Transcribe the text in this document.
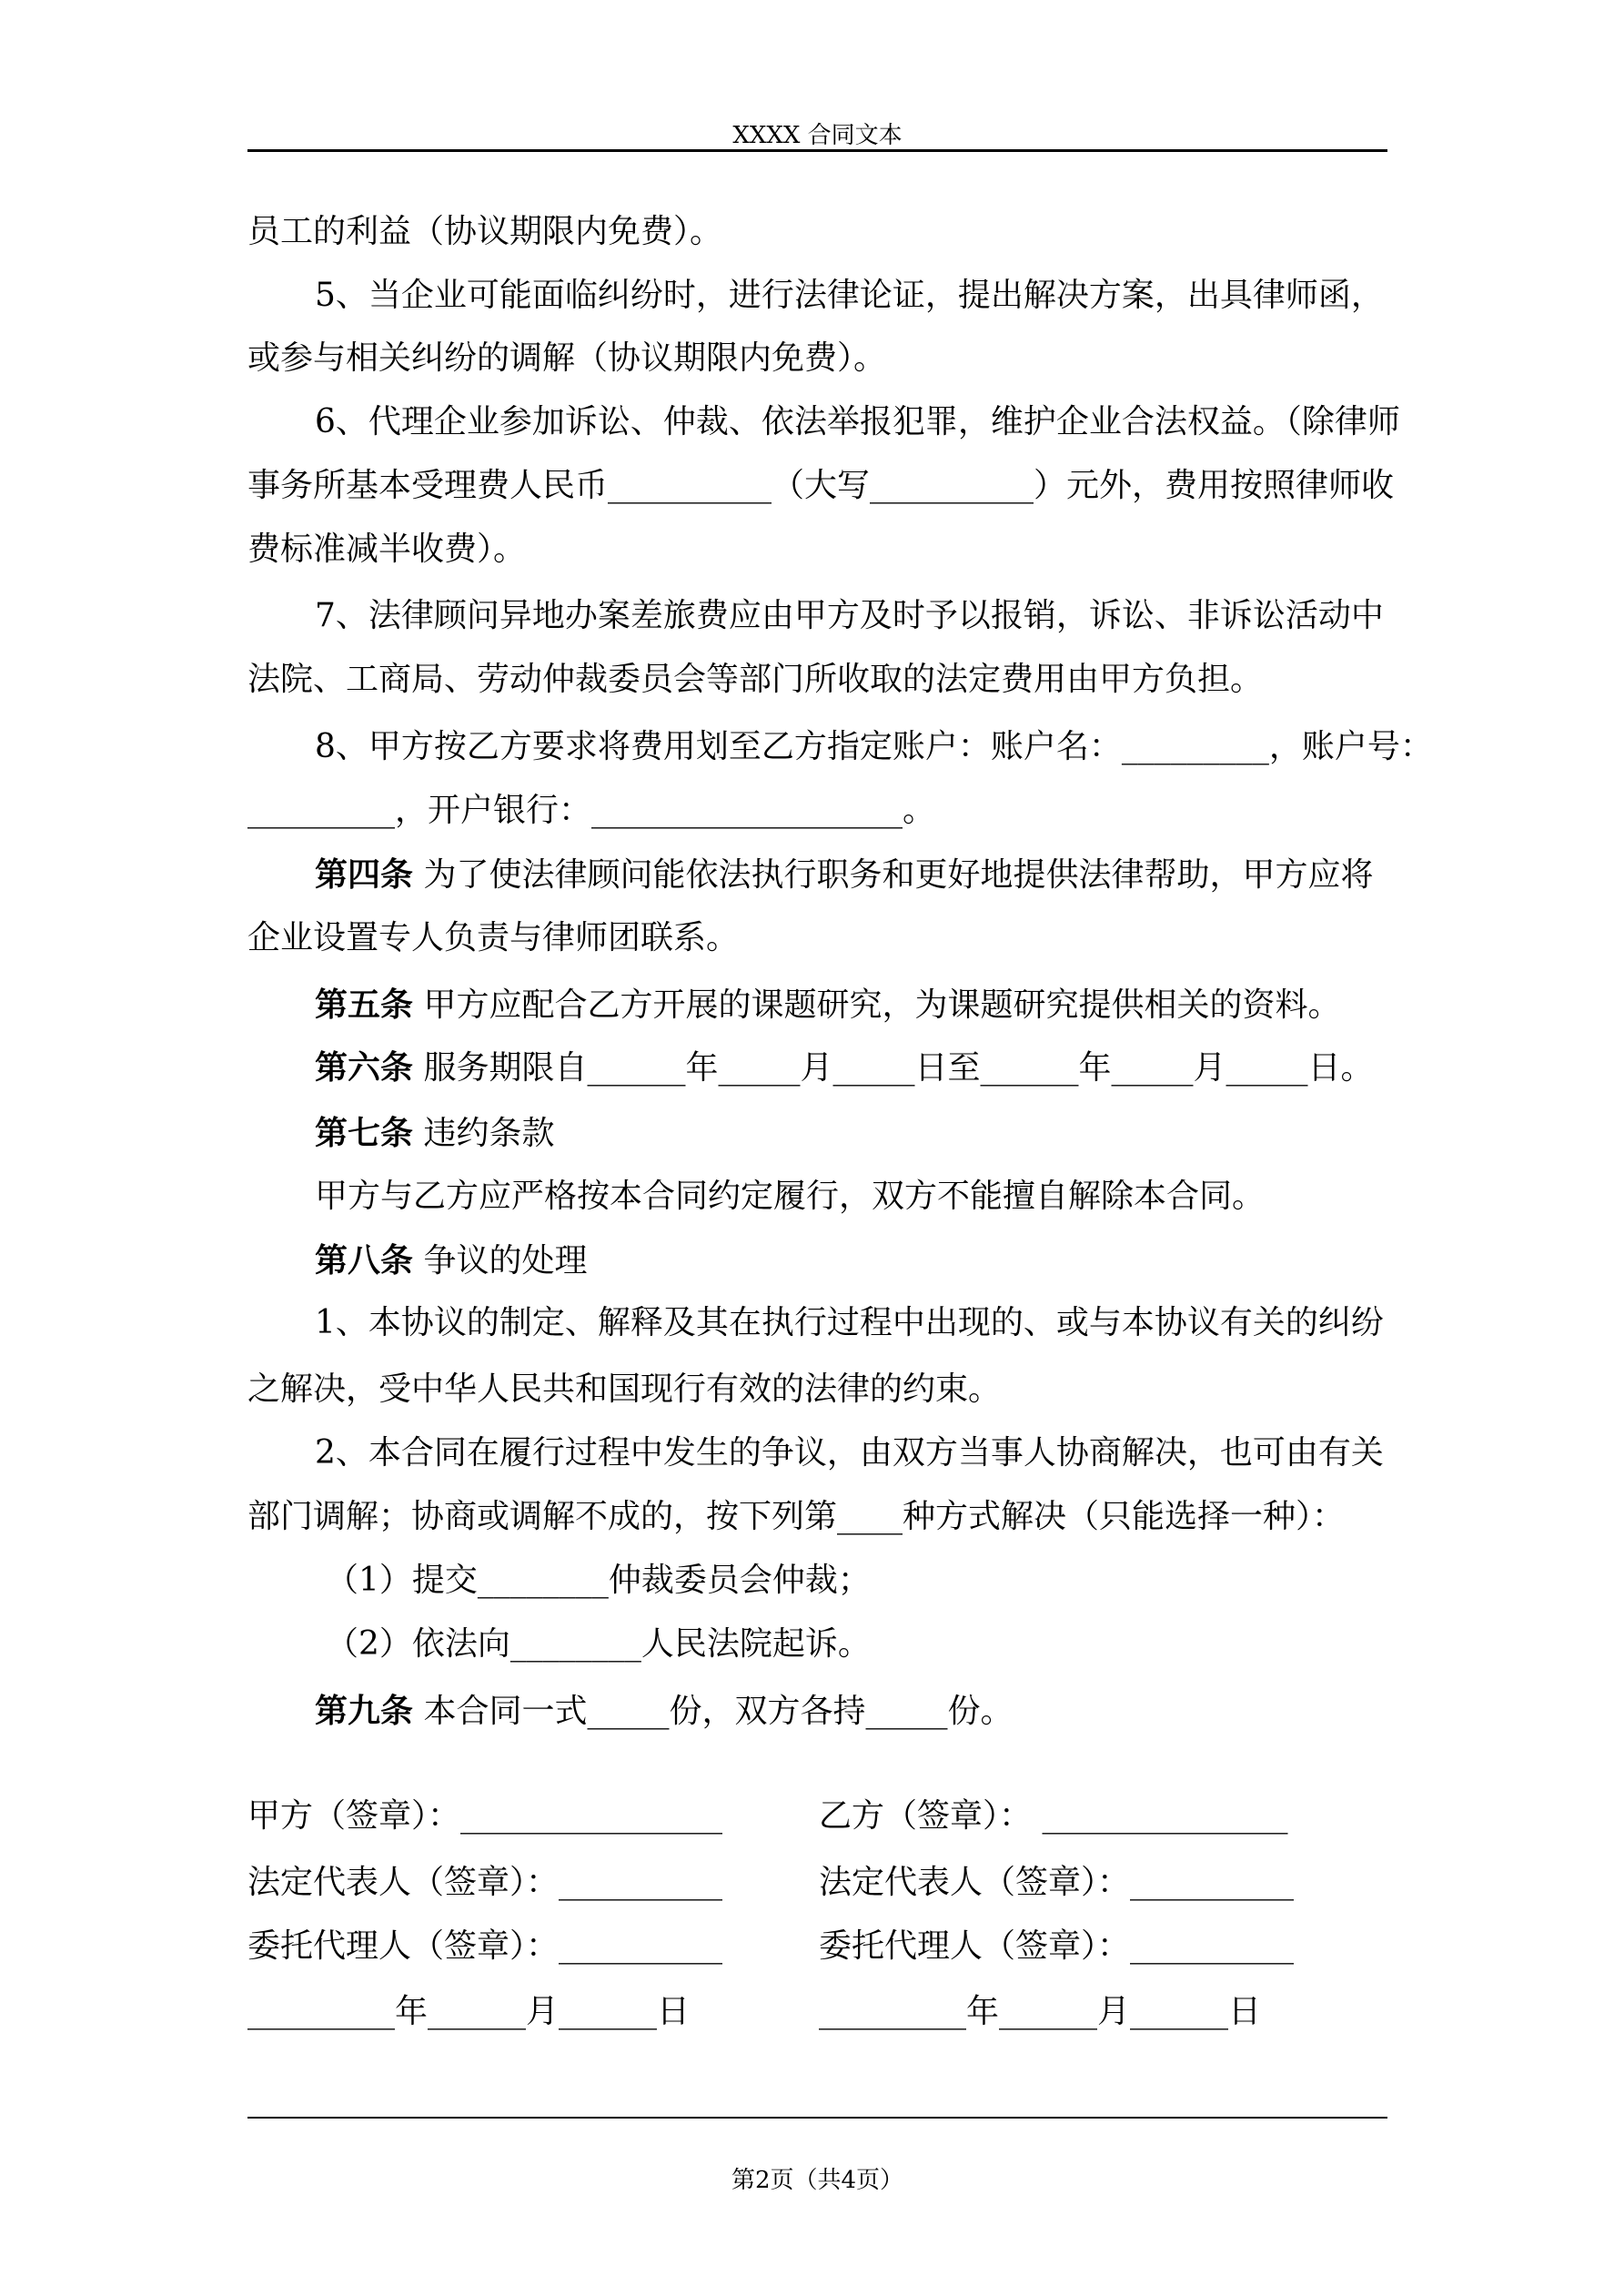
XXXX 合同文本
员工的利益（协议期限内免费）。
5、当企业可能面临纠纷时，进行法律论证，提出解决方案，出具律师函，
或参与相关纠纷的调解（协议期限内免费）。
6、代理企业参加诉讼、仲裁、依法举报犯罪，维护企业合法权益。（除律师
事务所基本受理费人民币__________（大写__________）元外，费用按照律师收
费标准减半收费）。
7、法律顾问异地办案差旅费应由甲方及时予以报销，诉讼、非诉讼活动中
法院、工商局、劳动仲裁委员会等部门所收取的法定费用由甲方负担。
8、甲方按乙方要求将费用划至乙方指定账户：账户名：_________，账户号：
_________，开户银行：___________________。
第四条 为了使法律顾问能依法执行职务和更好地提供法律帮助，甲方应将
企业设置专人负责与律师团联系。
第五条 甲方应配合乙方开展的课题研究，为课题研究提供相关的资料。
第六条 服务期限自______年_____月_____日至______年_____月_____日。
第七条 违约条款
甲方与乙方应严格按本合同约定履行，双方不能擅自解除本合同。
第八条 争议的处理
1、本协议的制定、解释及其在执行过程中出现的、或与本协议有关的纠纷
之解决，受中华人民共和国现行有效的法律的约束。
2、本合同在履行过程中发生的争议，由双方当事人协商解决，也可由有关
部门调解；协商或调解不成的，按下列第____种方式解决（只能选择一种）：
（1）提交________仲裁委员会仲裁；
（2）依法向________人民法院起诉。
第九条 本合同一式_____份，双方各持_____份。
甲方（签章）：________________
法定代表人（签章）：__________
委托代理人（签章）：__________
_________年______月______日
乙方（签章）： _______________
法定代表人（签章）：__________
委托代理人（签章）：__________
_________年______月______日
第2页（共4页）
